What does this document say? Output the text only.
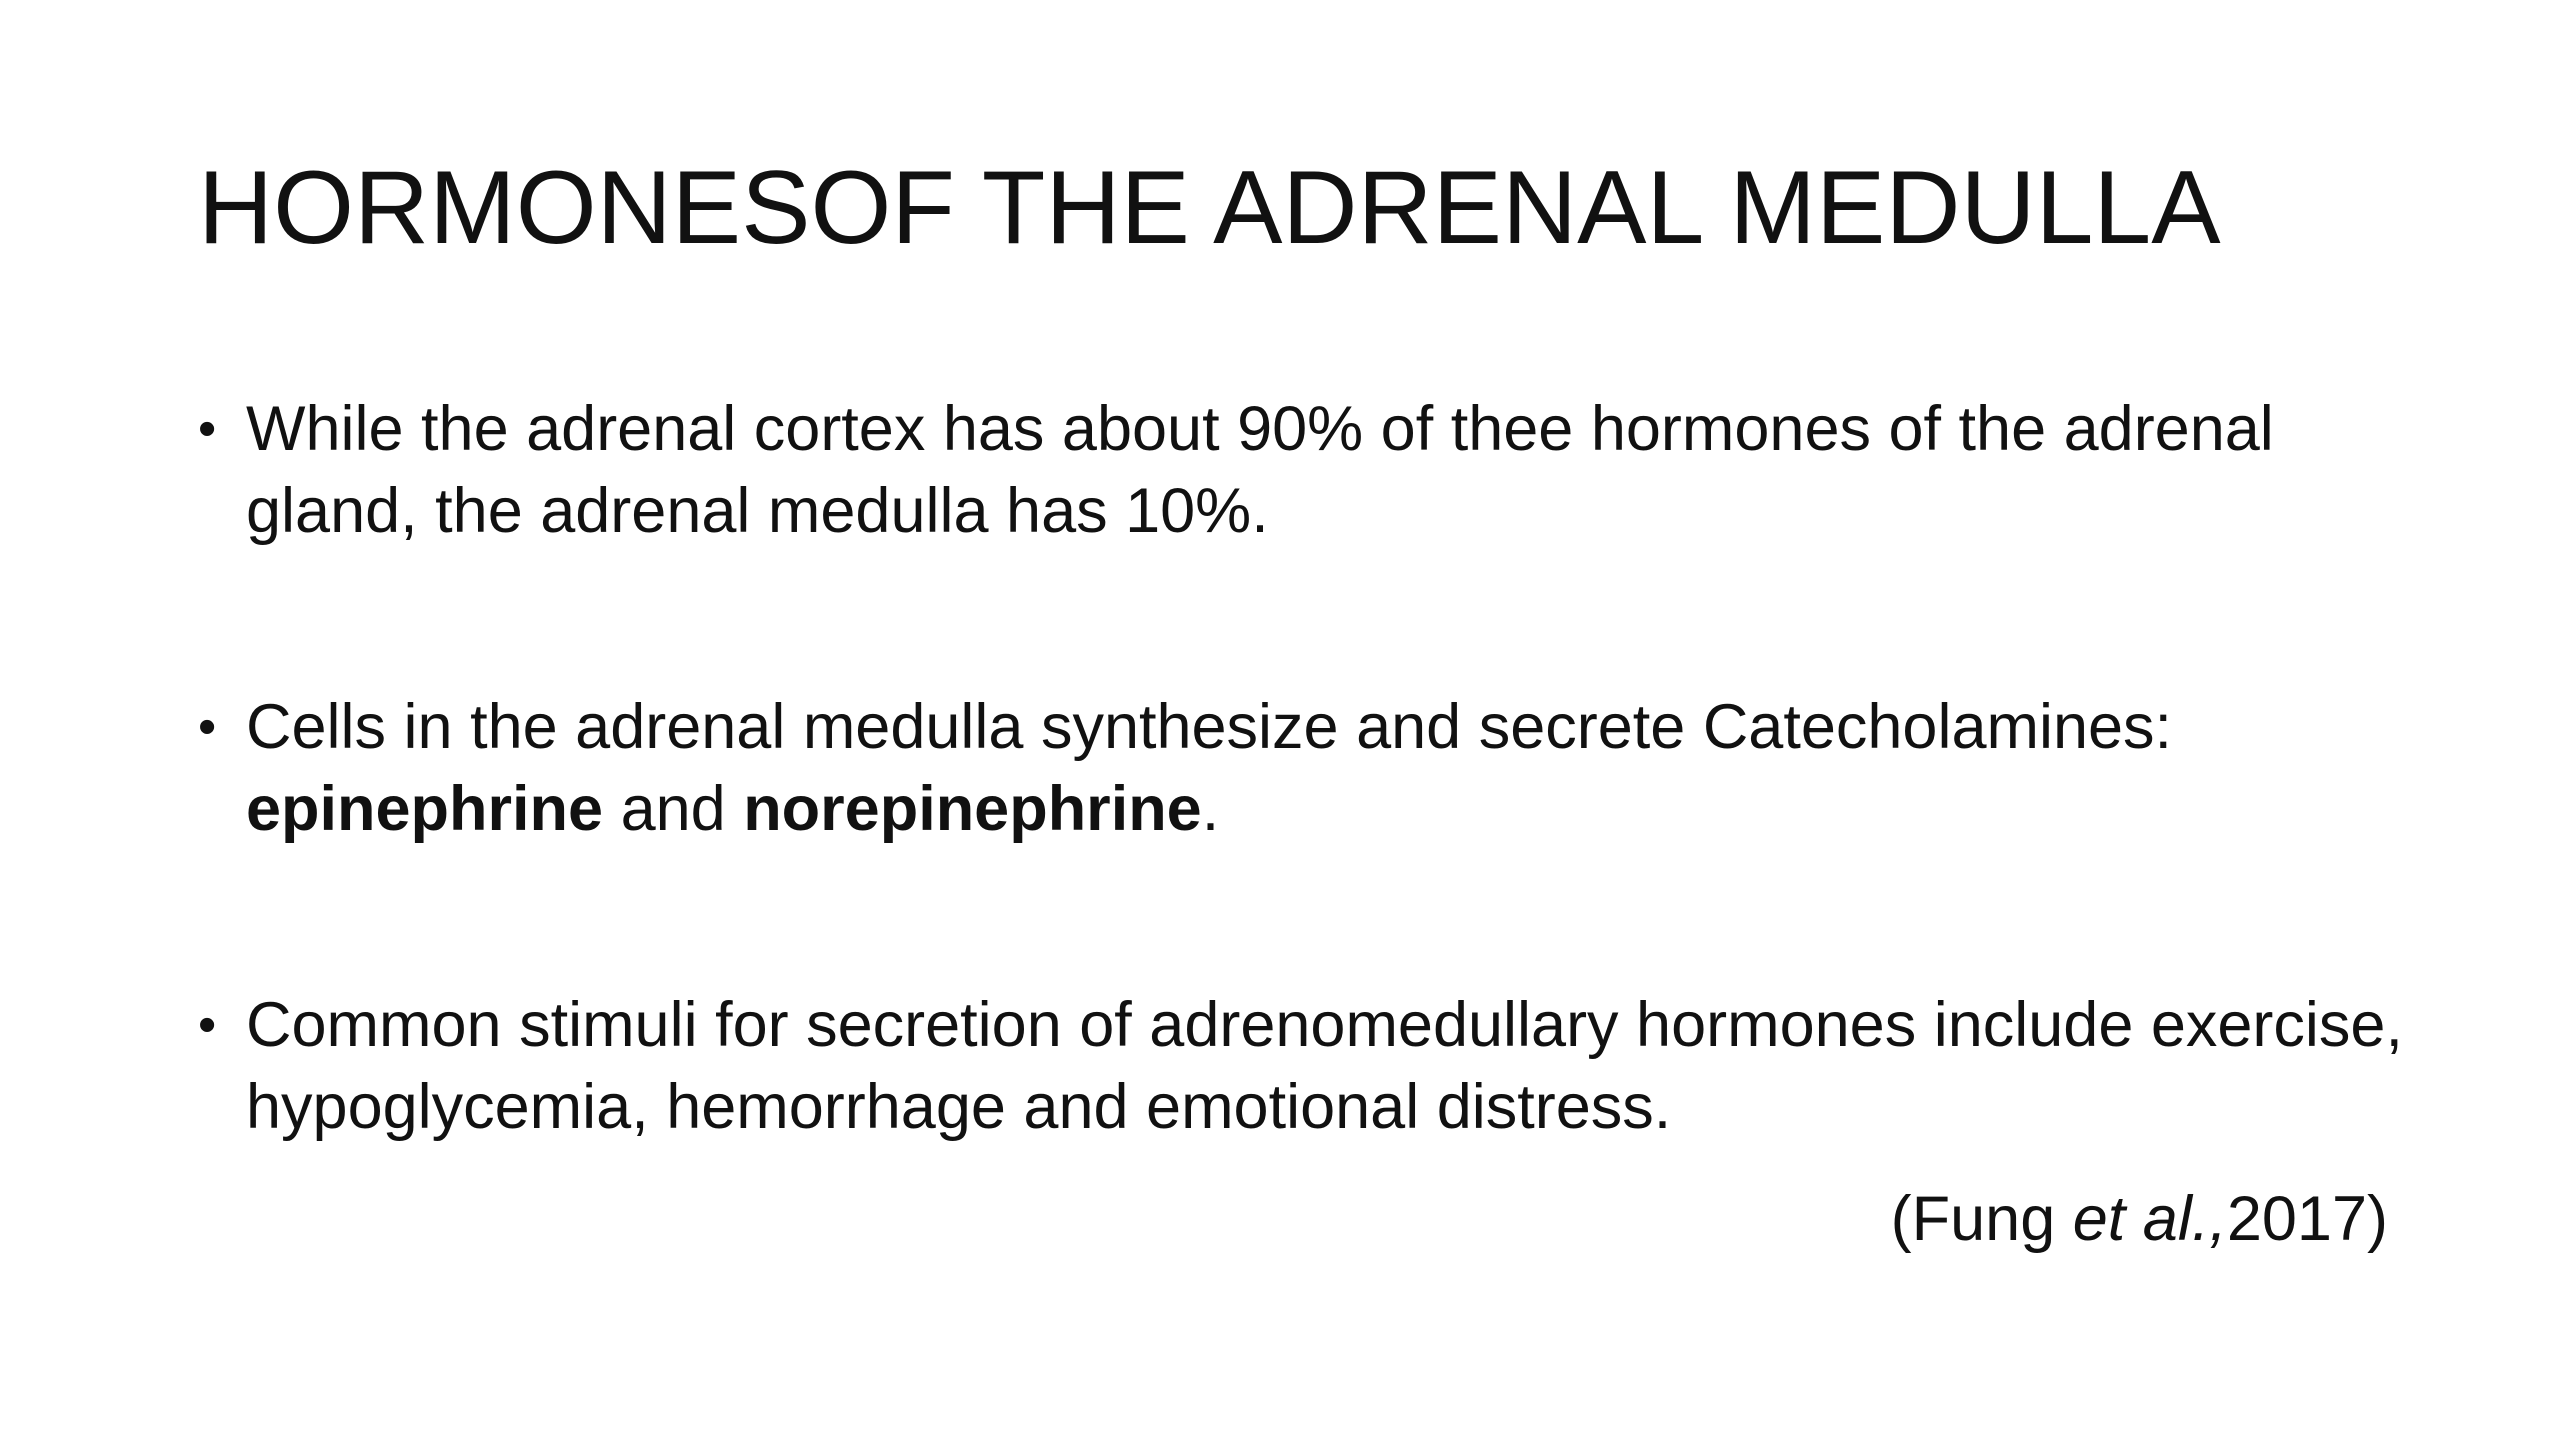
HORMONESOF THE ADRENAL MEDULLA
• While the adrenal cortex has about 90% of thee hormones of the adrenal gland, the adrenal medulla has 10%.
• Cells in the adrenal medulla synthesize and secrete Catecholamines: epinephrine and norepinephrine.
• Common stimuli for secretion of adrenomedullary hormones include exercise, hypoglycemia, hemorrhage and emotional distress.
(Fung et al.,2017)
